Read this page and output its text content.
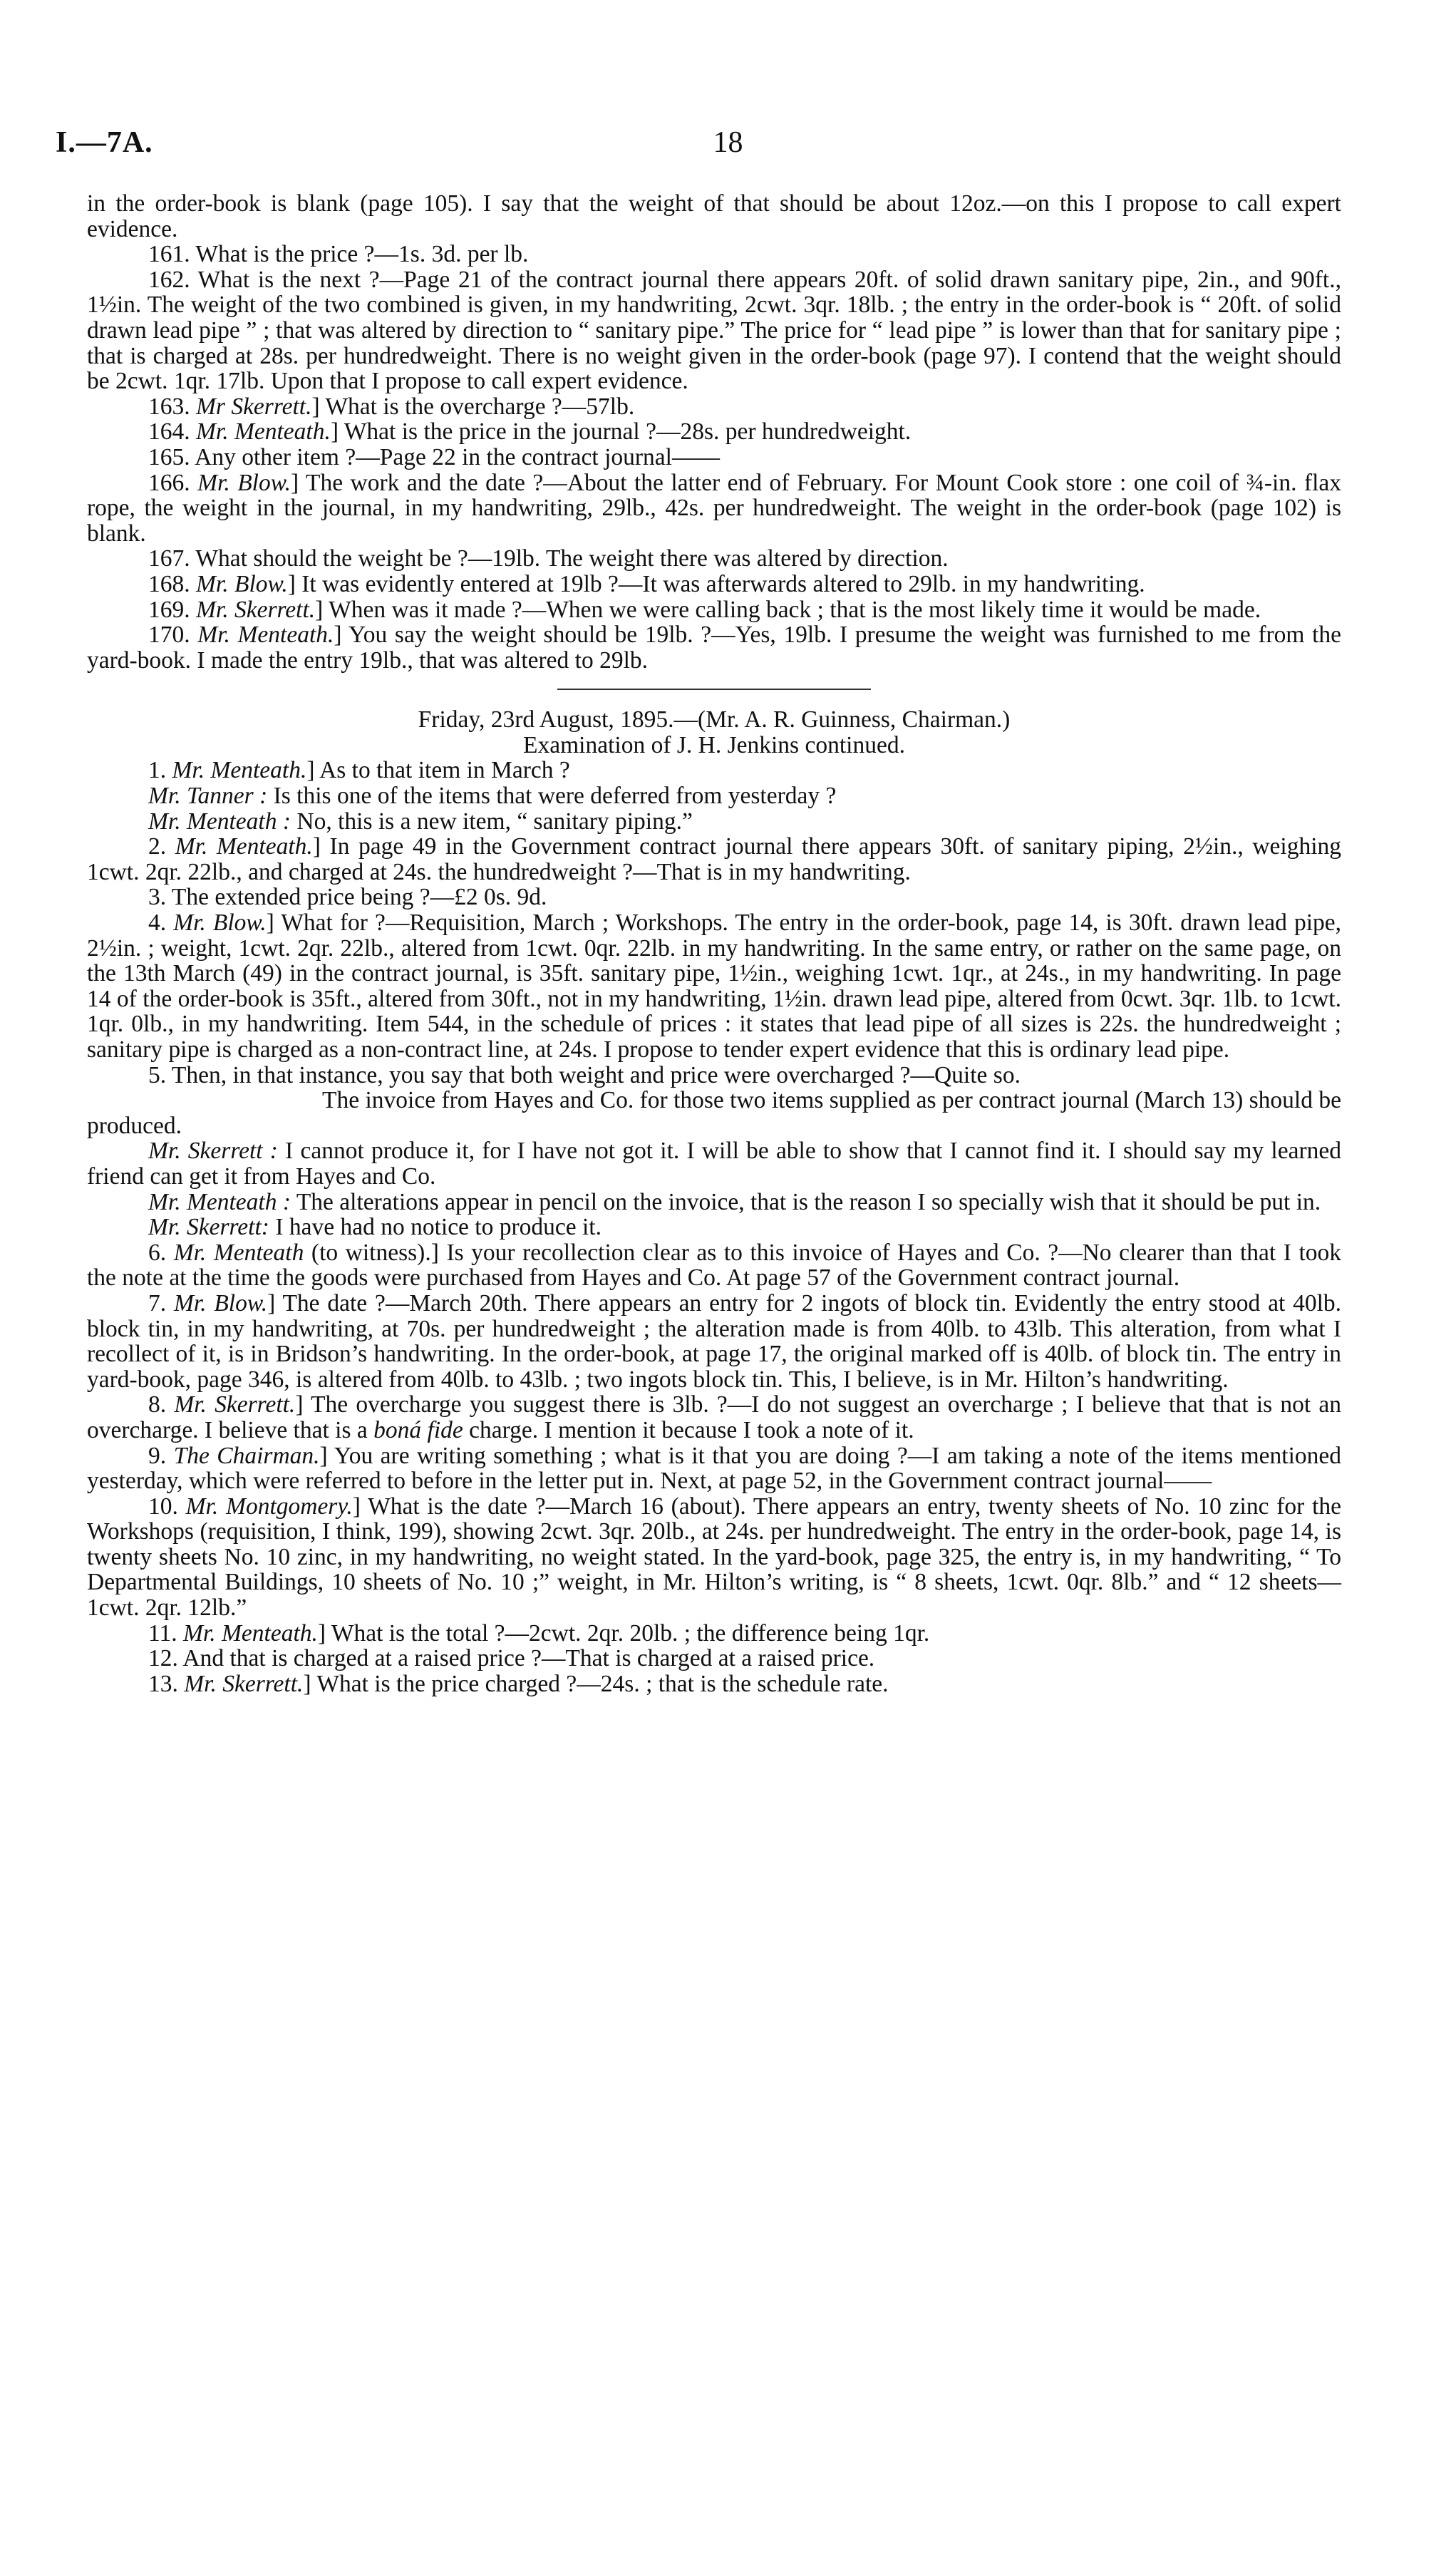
18
I.—7A.

in the order-book is blank (page 105). I say that the weight of that should be about 12oz.—on this I propose to call expert evidence.

161. What is the price ?—1s. 3d. per lb.

162. What is the next ?—Page 21 of the contract journal there appears 20ft. of solid drawn sanitary pipe, 2in., and 90ft., 1½in. The weight of the two combined is given, in my handwriting, 2cwt. 3qr. 18lb. ; the entry in the order-book is “ 20ft. of solid drawn lead pipe ” ; that was altered by direction to “ sanitary pipe.” The price for “ lead pipe ” is lower than that for sanitary pipe ; that is charged at 28s. per hundredweight. There is no weight given in the order-book (page 97). I contend that the weight should be 2cwt. 1qr. 17lb. Upon that I propose to call expert evidence.

163. Mr Skerrett.] What is the overcharge ?—57lb.

164. Mr. Menteath.] What is the price in the journal ?—28s. per hundredweight.

165. Any other item ?—Page 22 in the contract journal——

166. Mr. Blow.] The work and the date ?—About the latter end of February. For Mount Cook store : one coil of ¾-in. flax rope, the weight in the journal, in my handwriting, 29lb., 42s. per hundredweight. The weight in the order-book (page 102) is blank.

167. What should the weight be ?—19lb. The weight there was altered by direction.

168. Mr. Blow.] It was evidently entered at 19lb ?—It was afterwards altered to 29lb. in my handwriting.

169. Mr. Skerrett.] When was it made ?—When we were calling back ; that is the most likely time it would be made.

170. Mr. Menteath.] You say the weight should be 19lb. ?—Yes, 19lb. I presume the weight was furnished to me from the yard-book. I made the entry 19lb., that was altered to 29lb.

Friday, 23rd August, 1895.—(Mr. A. R. Guinness, Chairman.)

Examination of J. H. Jenkins continued.

1. Mr. Menteath.] As to that item in March ?

Mr. Tanner : Is this one of the items that were deferred from yesterday ?

Mr. Menteath : No, this is a new item, “ sanitary piping.”

2. Mr. Menteath.] In page 49 in the Government contract journal there appears 30ft. of sanitary piping, 2½in., weighing 1cwt. 2qr. 22lb., and charged at 24s. the hundredweight ?—That is in my handwriting.

3. The extended price being ?—£2 0s. 9d.

4. Mr. Blow.] What for ?—Requisition, March ; Workshops. The entry in the order-book, page 14, is 30ft. drawn lead pipe, 2½in. ; weight, 1cwt. 2qr. 22lb., altered from 1cwt. 0qr. 22lb. in my handwriting. In the same entry, or rather on the same page, on the 13th March (49) in the contract journal, is 35ft. sanitary pipe, 1½in., weighing 1cwt. 1qr., at 24s., in my handwriting. In page 14 of the order-book is 35ft., altered from 30ft., not in my handwriting, 1½in. drawn lead pipe, altered from 0cwt. 3qr. 1lb. to 1cwt. 1qr. 0lb., in my handwriting. Item 544, in the schedule of prices : it states that lead pipe of all sizes is 22s. the hundredweight ; sanitary pipe is charged as a non-contract line, at 24s. I propose to tender expert evidence that this is ordinary lead pipe.

5. Then, in that instance, you say that both weight and price were overcharged ?—Quite so.

The invoice from Hayes and Co. for those two items supplied as per contract journal (March 13) should be produced.

Mr. Skerrett : I cannot produce it, for I have not got it. I will be able to show that I cannot find it. I should say my learned friend can get it from Hayes and Co.

Mr. Menteath : The alterations appear in pencil on the invoice, that is the reason I so specially wish that it should be put in.

Mr. Skerrett: I have had no notice to produce it.

6. Mr. Menteath (to witness).] Is your recollection clear as to this invoice of Hayes and Co. ?—No clearer than that I took the note at the time the goods were purchased from Hayes and Co. At page 57 of the Government contract journal.

7. Mr. Blow.] The date ?—March 20th. There appears an entry for 2 ingots of block tin. Evidently the entry stood at 40lb. block tin, in my handwriting, at 70s. per hundredweight ; the alteration made is from 40lb. to 43lb. This alteration, from what I recollect of it, is in Bridson’s handwriting. In the order-book, at page 17, the original marked off is 40lb. of block tin. The entry in yard-book, page 346, is altered from 40lb. to 43lb. ; two ingots block tin. This, I believe, is in Mr. Hilton’s handwriting.

8. Mr. Skerrett.] The overcharge you suggest there is 3lb. ?—I do not suggest an overcharge ; I believe that that is not an overcharge. I believe that is a boná fide charge. I mention it because I took a note of it.

9. The Chairman.] You are writing something ; what is it that you are doing ?—I am taking a note of the items mentioned yesterday, which were referred to before in the letter put in. Next, at page 52, in the Government contract journal——

10. Mr. Montgomery.] What is the date ?—March 16 (about). There appears an entry, twenty sheets of No. 10 zinc for the Workshops (requisition, I think, 199), showing 2cwt. 3qr. 20lb., at 24s. per hundredweight. The entry in the order-book, page 14, is twenty sheets No. 10 zinc, in my handwriting, no weight stated. In the yard-book, page 325, the entry is, in my handwriting, “ To Departmental Buildings, 10 sheets of No. 10 ;” weight, in Mr. Hilton’s writing, is “ 8 sheets, 1cwt. 0qr. 8lb.” and “ 12 sheets—1cwt. 2qr. 12lb.”

11. Mr. Menteath.] What is the total ?—2cwt. 2qr. 20lb. ; the difference being 1qr.

12. And that is charged at a raised price ?—That is charged at a raised price.

13. Mr. Skerrett.] What is the price charged ?—24s. ; that is the schedule rate.
